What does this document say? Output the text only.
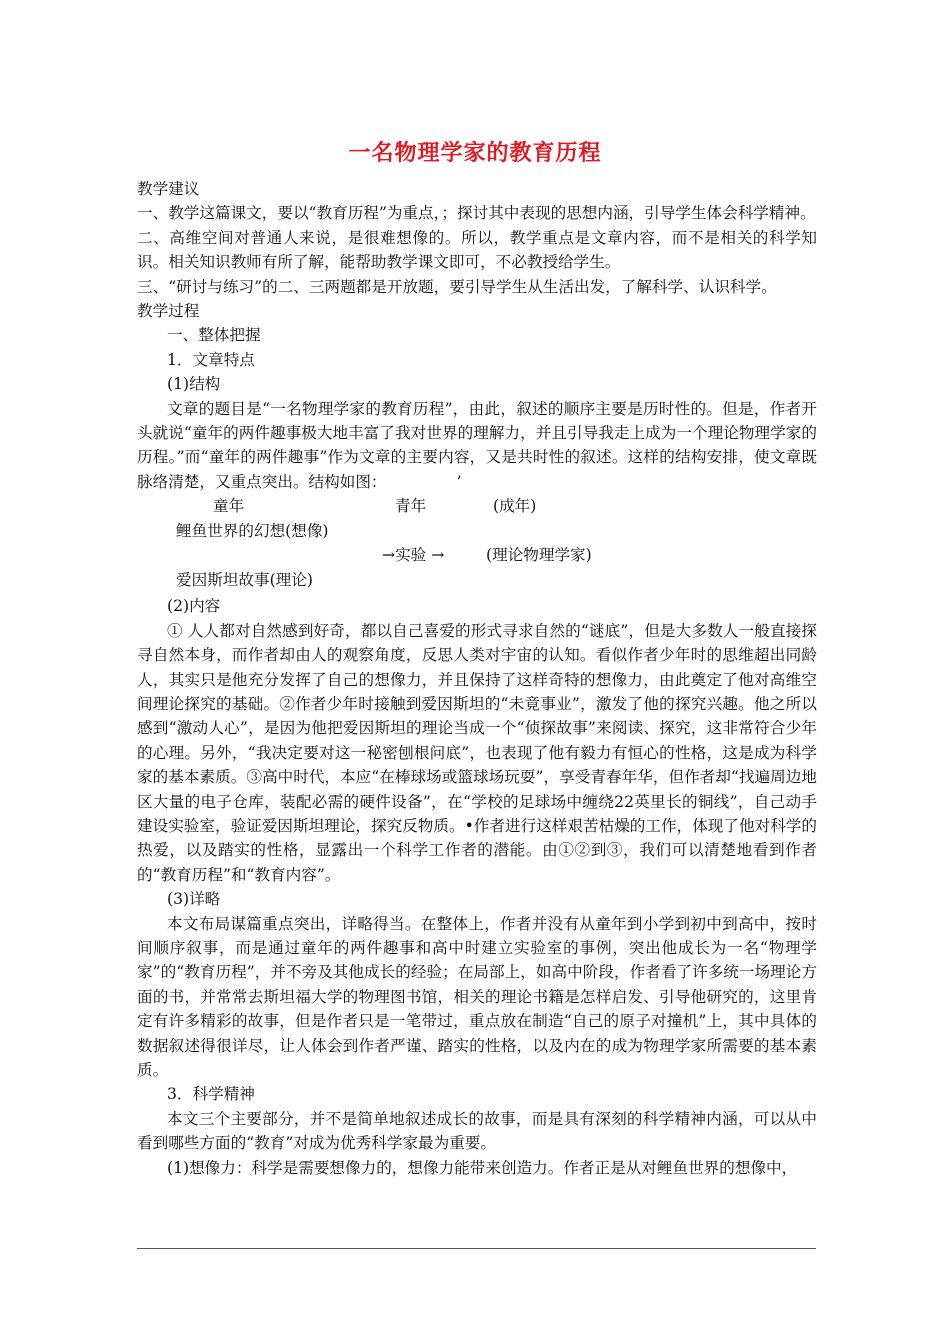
一名物理学家的教育历程

教学建议

一、教学这篇课文，要以“教育历程”为重点，；探讨其中表现的思想内涵，引导学生体会科学精神。

二、高维空间对普通人来说，是很难想像的。所以，教学重点是文章内容，而不是相关的科学知识。相关知识教师有所了解，能帮助教学课文即可，不必教授给学生。

三、“研讨与练习”的二、三两题都是开放题，要引导学生从生活出发，了解科学、认识科学。

教学过程

一、整体把握

1．文章特点

(1)结构

文章的题目是“一名物理学家的教育历程”，由此，叙述的顺序主要是历时性的。但是，作者开头就说“童年的两件趣事极大地丰富了我对世界的理解力，并且引导我走上成为一个理论物理学家的历程。”而“童年的两件趣事”作为文章的主要内容，又是共时性的叙述。这样的结构安排，使文章既脉络清楚，又重点突出。结构如图：　　　　　’

童年	青年	(成年)
鲤鱼世界的幻想(想像)
→实验 →	(理论物理学家)
爱因斯坦故事(理论)

(2)内容

① 人人都对自然感到好奇，都以自己喜爱的形式寻求自然的“谜底”，但是大多数人一般直接探寻自然本身，而作者却由人的观察角度，反思人类对宇宙的认知。看似作者少年时的思维超出同龄人，其实只是他充分发挥了自己的想像力，并且保持了这样奇特的想像力，由此奠定了他对高维空间理论探究的基础。②作者少年时接触到爱因斯坦的“未竟事业”，激发了他的探究兴趣。他之所以感到“激动人心”，是因为他把爱因斯坦的理论当成一个“侦探故事”来阅读、探究，这非常符合少年的心理。另外，“我决定要对这一秘密刨根问底”，也表现了他有毅力有恒心的性格，这是成为科学家的基本素质。③高中时代，本应“在棒球场或篮球场玩耍”，享受青春年华，但作者却“找遍周边地区大量的电子仓库，装配必需的硬件设备”，在“学校的足球场中缠绕22英里长的铜线”，自己动手建设实验室，验证爱因斯坦理论，探究反物质。•作者进行这样艰苦枯燥的工作，体现了他对科学的热爱，以及踏实的性格，显露出一个科学工作者的潜能。由①②到③，我们可以清楚地看到作者的“教育历程”和“教育内容”。

(3)详略

本文布局谋篇重点突出，详略得当。在整体上，作者并没有从童年到小学到初中到高中，按时间顺序叙事，而是通过童年的两件趣事和高中时建立实验室的事例，突出他成长为一名“物理学家”的“教育历程”，并不旁及其他成长的经验；在局部上，如高中阶段，作者看了许多统一场理论方面的书，并常常去斯坦福大学的物理图书馆，相关的理论书籍是怎样启发、引导他研究的，这里肯定有许多精彩的故事，但是作者只是一笔带过，重点放在制造“自己的原子对撞机”上，其中具体的数据叙述得很详尽，让人体会到作者严谨、踏实的性格，以及内在的成为物理学家所需要的基本素质。

3．科学精神

本文三个主要部分，并不是简单地叙述成长的故事，而是具有深刻的科学精神内涵，可以从中看到哪些方面的“教育”对成为优秀科学家最为重要。

(1)想像力：科学是需要想像力的，想像力能带来创造力。作者正是从对鲤鱼世界的想像中，
